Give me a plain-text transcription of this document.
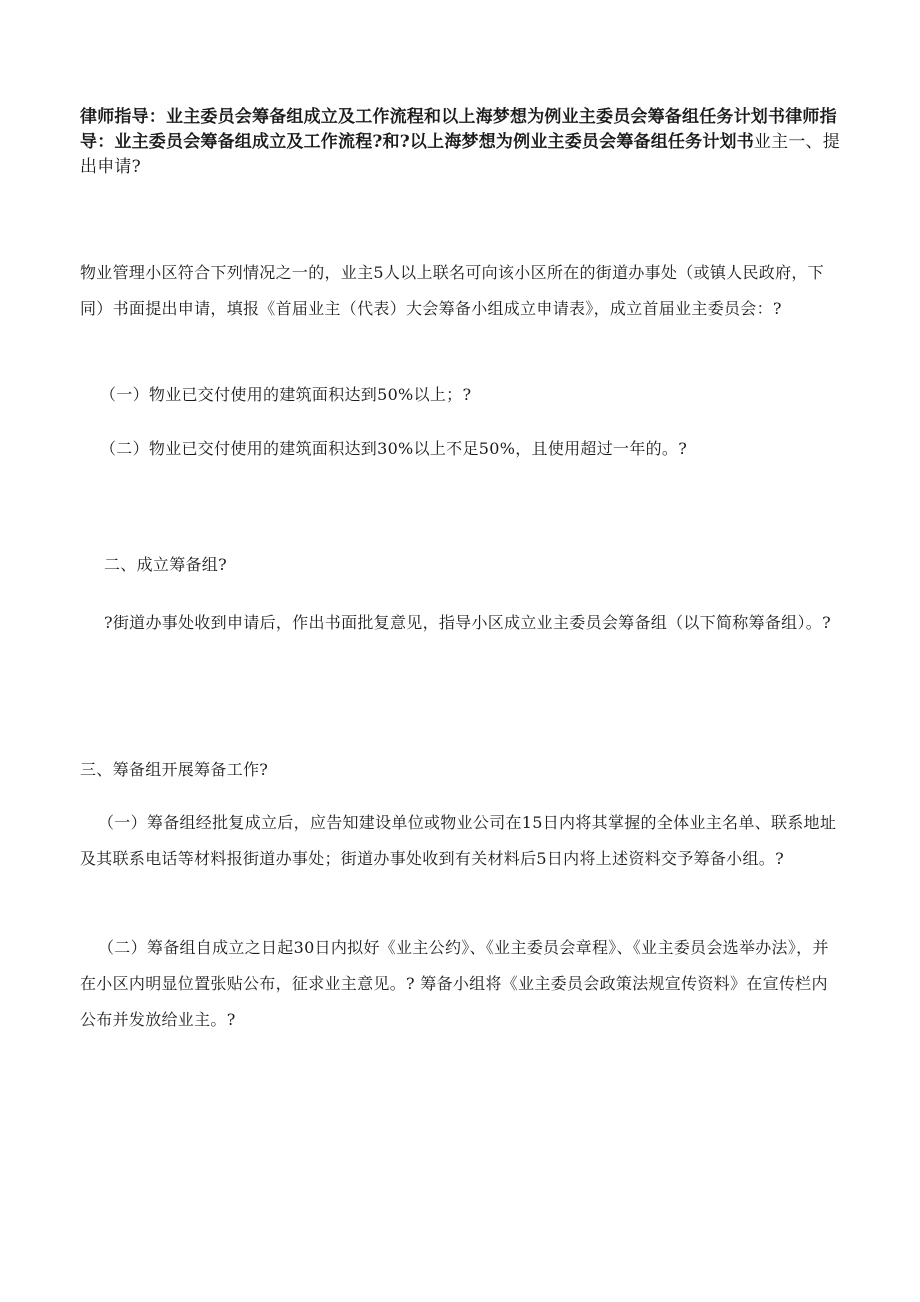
律师指导：业主委员会筹备组成立及工作流程和以上海梦想为例业主委员会筹备组任务计划书律师指导：业主委员会筹备组成立及工作流程?和?以上海梦想为例业主委员会筹备组任务计划书业主一、提出申请?
物业管理小区符合下列情况之一的，业主5人以上联名可向该小区所在的街道办事处（或镇人民政府，下同）书面提出申请，填报《首届业主（代表）大会筹备小组成立申请表》，成立首届业主委员会：?
（一）物业已交付使用的建筑面积达到50%以上；?
（二）物业已交付使用的建筑面积达到30%以上不足50%，且使用超过一年的。?
二、成立筹备组?
?街道办事处收到申请后，作出书面批复意见，指导小区成立业主委员会筹备组（以下简称筹备组）。?
三、筹备组开展筹备工作?
（一）筹备组经批复成立后，应告知建设单位或物业公司在15日内将其掌握的全体业主名单、联系地址及其联系电话等材料报街道办事处；街道办事处收到有关材料后5日内将上述资料交予筹备小组。?
（二）筹备组自成立之日起30日内拟好《业主公约》、《业主委员会章程》、《业主委员会选举办法》，并在小区内明显位置张贴公布，征求业主意见。? 筹备小组将《业主委员会政策法规宣传资料》在宣传栏内公布并发放给业主。?
